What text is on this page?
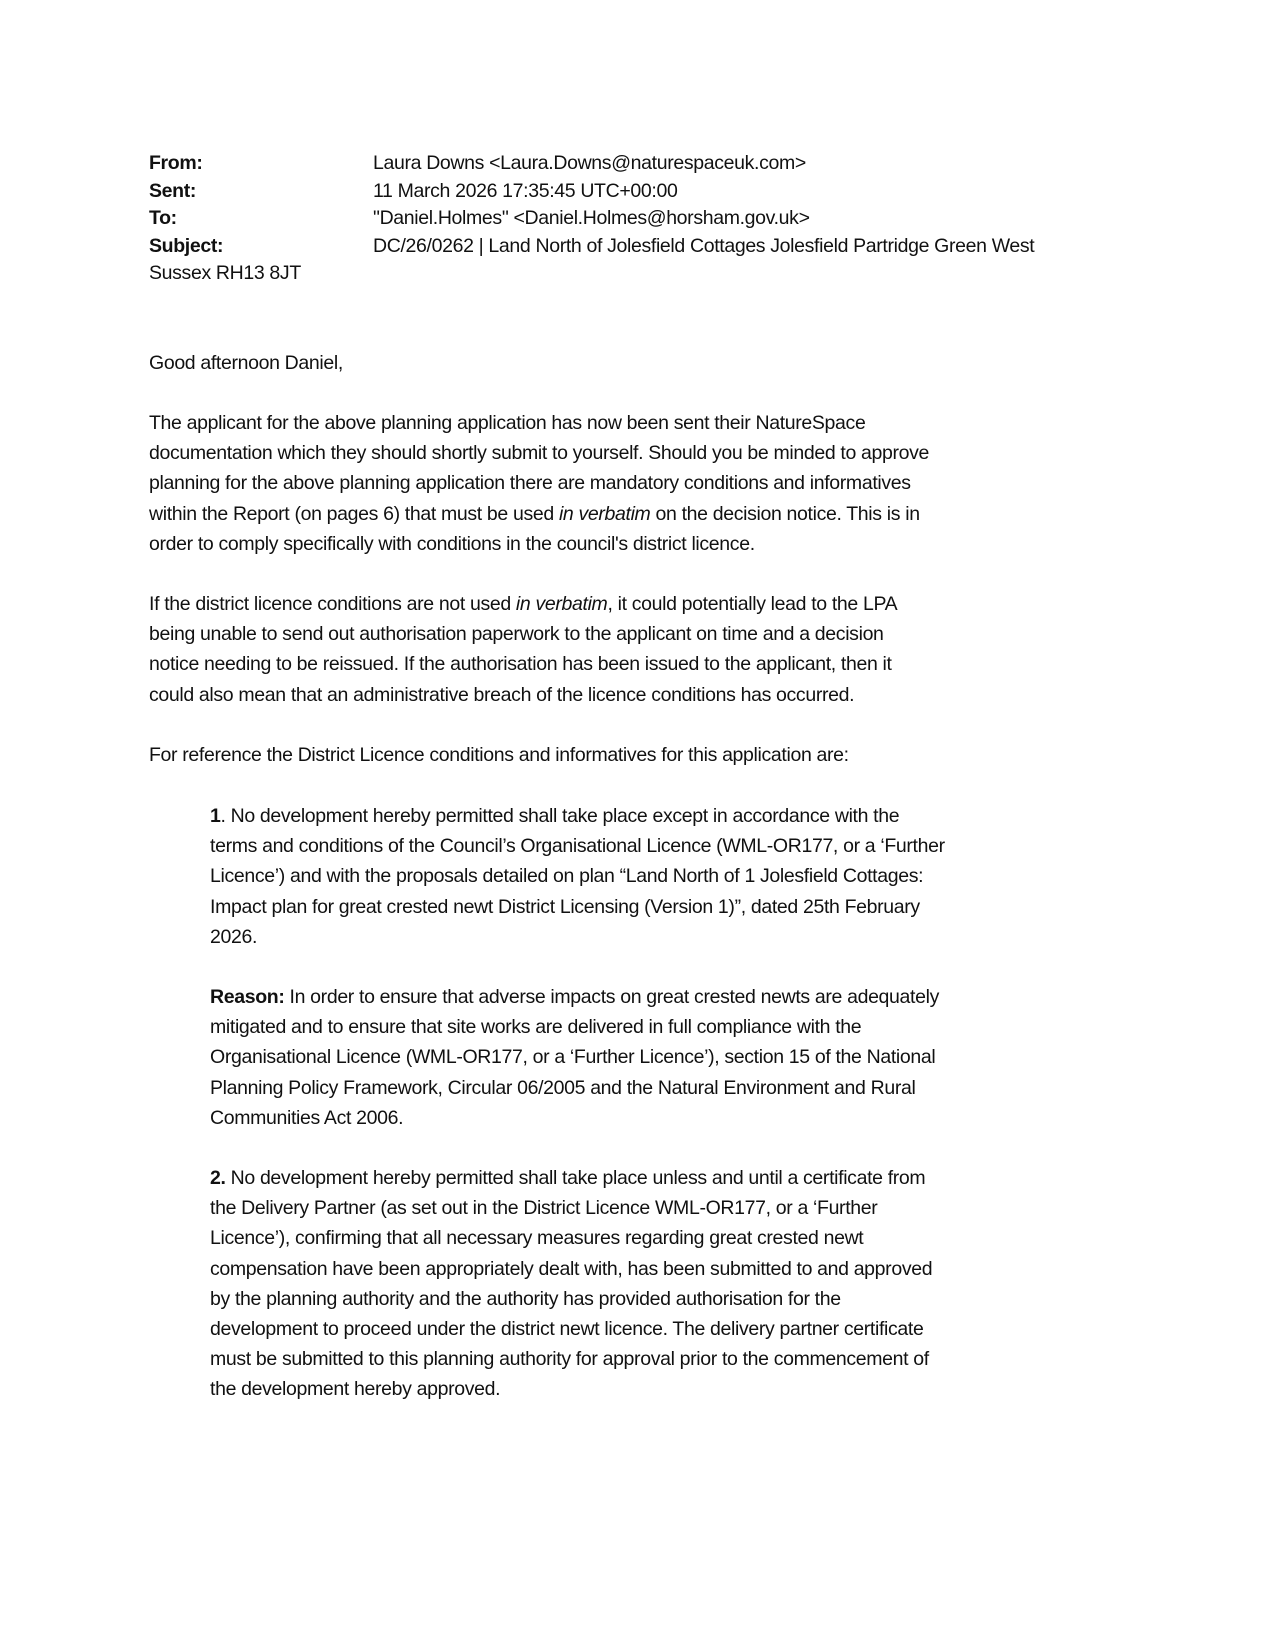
From:	Laura Downs <Laura.Downs@naturespaceuk.com>
Sent:	11 March 2026 17:35:45 UTC+00:00
To:	"Daniel.Holmes" <Daniel.Holmes@horsham.gov.uk>
Subject:	DC/26/0262 | Land North of Jolesfield Cottages Jolesfield Partridge Green West
Sussex RH13 8JT
Good afternoon Daniel,
The applicant for the above planning application has now been sent their NatureSpace
documentation which they should shortly submit to yourself. Should you be minded to approve
planning for the above planning application there are mandatory conditions and informatives
within the Report (on pages 6) that must be used in verbatim on the decision notice. This is in
order to comply specifically with conditions in the council's district licence.
If the district licence conditions are not used in verbatim, it could potentially lead to the LPA
being unable to send out authorisation paperwork to the applicant on time and a decision
notice needing to be reissued. If the authorisation has been issued to the applicant, then it
could also mean that an administrative breach of the licence conditions has occurred.
For reference the District Licence conditions and informatives for this application are:
1. No development hereby permitted shall take place except in accordance with the
terms and conditions of the Council’s Organisational Licence (WML-OR177, or a ‘Further
Licence’) and with the proposals detailed on plan “Land North of 1 Jolesfield Cottages:
Impact plan for great crested newt District Licensing (Version 1)”, dated 25th February
2026.
Reason: In order to ensure that adverse impacts on great crested newts are adequately
mitigated and to ensure that site works are delivered in full compliance with the
Organisational Licence (WML-OR177, or a ‘Further Licence’), section 15 of the National
Planning Policy Framework, Circular 06/2005 and the Natural Environment and Rural
Communities Act 2006.
2. No development hereby permitted shall take place unless and until a certificate from
the Delivery Partner (as set out in the District Licence WML-OR177, or a ‘Further
Licence’), confirming that all necessary measures regarding great crested newt
compensation have been appropriately dealt with, has been submitted to and approved
by the planning authority and the authority has provided authorisation for the
development to proceed under the district newt licence. The delivery partner certificate
must be submitted to this planning authority for approval prior to the commencement of
the development hereby approved.
